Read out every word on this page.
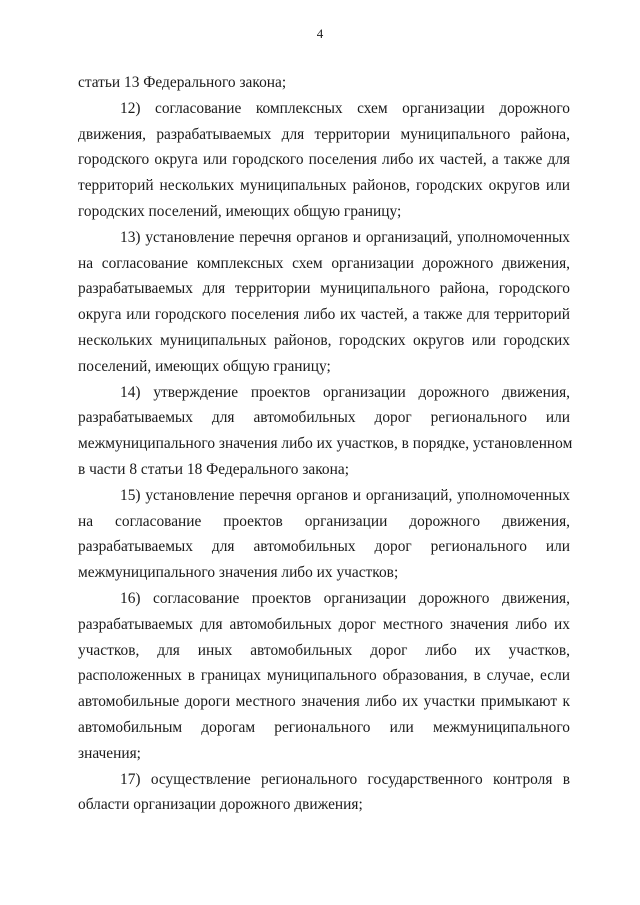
4
статьи 13 Федерального закона;
12) согласование комплексных схем организации дорожного
движения, разрабатываемых для территории муниципального района,
городского округа или городского поселения либо их частей, а также для
территорий нескольких муниципальных районов, городских округов или
городских поселений, имеющих общую границу;
13) установление перечня органов и организаций, уполномоченных
на согласование комплексных схем организации дорожного движения,
разрабатываемых для территории муниципального района, городского
округа или городского поселения либо их частей, а также для территорий
нескольких муниципальных районов, городских округов или городских
поселений, имеющих общую границу;
14) утверждение проектов организации дорожного движения,
разрабатываемых для автомобильных дорог регионального или
межмуниципального значения либо их участков, в порядке, установленном
в части 8 статьи 18 Федерального закона;
15) установление перечня органов и организаций, уполномоченных
на согласование проектов организации дорожного движения,
разрабатываемых для автомобильных дорог регионального или
межмуниципального значения либо их участков;
16) согласование проектов организации дорожного движения,
разрабатываемых для автомобильных дорог местного значения либо их
участков, для иных автомобильных дорог либо их участков,
расположенных в границах муниципального образования, в случае, если
автомобильные дороги местного значения либо их участки примыкают к
автомобильным дорогам регионального или межмуниципального
значения;
17) осуществление регионального государственного контроля в
области организации дорожного движения;
